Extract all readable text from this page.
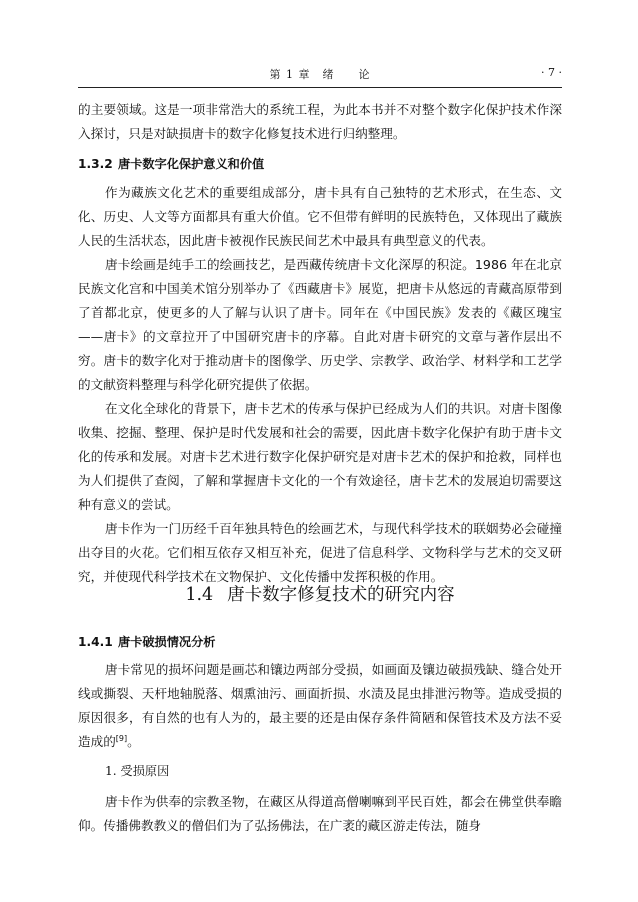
第 1 章　绪　　论	· 7 ·

的主要领域。这是一项非常浩大的系统工程，为此本书并不对整个数字化保护技术作深入探讨，只是对缺损唐卡的数字化修复技术进行归纳整理。

1.3.2 唐卡数字化保护意义和价值

作为藏族文化艺术的重要组成部分，唐卡具有自己独特的艺术形式，在生态、文化、历史、人文等方面都具有重大价值。它不但带有鲜明的民族特色，又体现出了藏族人民的生活状态，因此唐卡被视作民族民间艺术中最具有典型意义的代表。

唐卡绘画是纯手工的绘画技艺，是西藏传统唐卡文化深厚的积淀。1986 年在北京民族文化宫和中国美术馆分别举办了《西藏唐卡》展览，把唐卡从悠远的青藏高原带到了首都北京，使更多的人了解与认识了唐卡。同年在《中国民族》发表的《藏区瑰宝——唐卡》的文章拉开了中国研究唐卡的序幕。自此对唐卡研究的文章与著作层出不穷。唐卡的数字化对于推动唐卡的图像学、历史学、宗教学、政治学、材料学和工艺学的文献资料整理与科学化研究提供了依据。

在文化全球化的背景下，唐卡艺术的传承与保护已经成为人们的共识。对唐卡图像收集、挖掘、整理、保护是时代发展和社会的需要，因此唐卡数字化保护有助于唐卡文化的传承和发展。对唐卡艺术进行数字化保护研究是对唐卡艺术的保护和抢救，同样也为人们提供了查阅，了解和掌握唐卡文化的一个有效途径，唐卡艺术的发展迫切需要这种有意义的尝试。

唐卡作为一门历经千百年独具特色的绘画艺术，与现代科学技术的联姻势必会碰撞出夺目的火花。它们相互依存又相互补充，促进了信息科学、文物科学与艺术的交叉研究，并使现代科学技术在文物保护、文化传播中发挥积极的作用。

1.4 唐卡数字修复技术的研究内容
1.4.1 唐卡破损情况分析

唐卡常见的损坏问题是画芯和镶边两部分受损，如画面及镶边破损残缺、缝合处开线或撕裂、天杆地轴脱落、烟熏油污、画面折损、水渍及昆虫排泄污物等。造成受损的原因很多，有自然的也有人为的，最主要的还是由保存条件简陋和保管技术及方法不妥造成的[9]。

1. 受损原因

唐卡作为供奉的宗教圣物，在藏区从得道高僧喇嘛到平民百姓，都会在佛堂供奉瞻仰。传播佛教教义的僧侣们为了弘扬佛法，在广袤的藏区游走传法，随身
